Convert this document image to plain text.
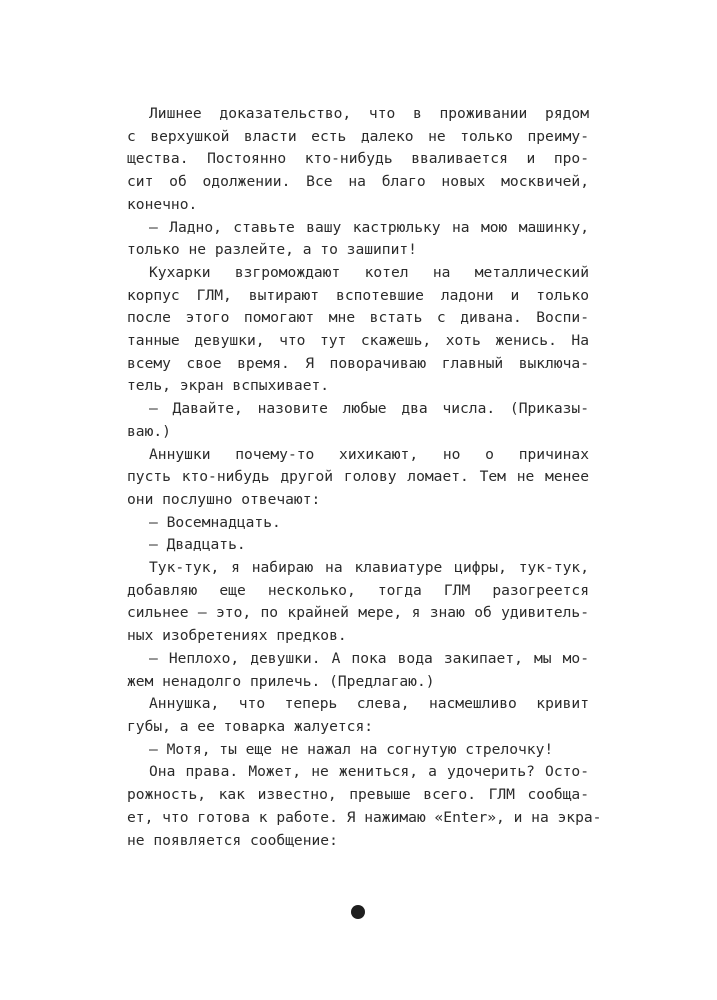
Лишнее доказательство, что в проживании рядом
с верхушкой власти есть далеко не только преиму-
щества. Постоянно кто-нибудь вваливается и про-
сит об одолжении. Все на благо новых москвичей,
конечно.

— Ладно, ставьте вашу кастрюльку на мою машинку,
только не разлейте, а то зашипит!

Кухарки взгромождают котел на металлический
корпус ГЛМ, вытирают вспотевшие ладони и только
после этого помогают мне встать с дивана. Воспи-
танные девушки, что тут скажешь, хоть женись. На
всему свое время. Я поворачиваю главный выключа-
тель, экран вспыхивает.

— Давайте, назовите любые два числа. (Приказы-
ваю.)

Аннушки почему-то хихикают, но о причинах
пусть кто-нибудь другой голову ломает. Тем не менее
они послушно отвечают:

— Восемнадцать.

— Двадцать.

Тук-тук, я набираю на клавиатуре цифры, тук-тук,
добавляю еще несколько, тогда ГЛМ разогреется
сильнее — это, по крайней мере, я знаю об удивитель-
ных изобретениях предков.

— Неплохо, девушки. А пока вода закипает, мы мо-
жем ненадолго прилечь. (Предлагаю.)

Аннушка, что теперь слева, насмешливо кривит
губы, а ее товарка жалуется:

— Мотя, ты еще не нажал на согнутую стрелочку!

Она права. Может, не жениться, а удочерить? Осто-
рожность, как известно, превыше всего. ГЛМ сообща-
ет, что готова к работе. Я нажимаю «Enter», и на экра-
не появляется сообщение:
